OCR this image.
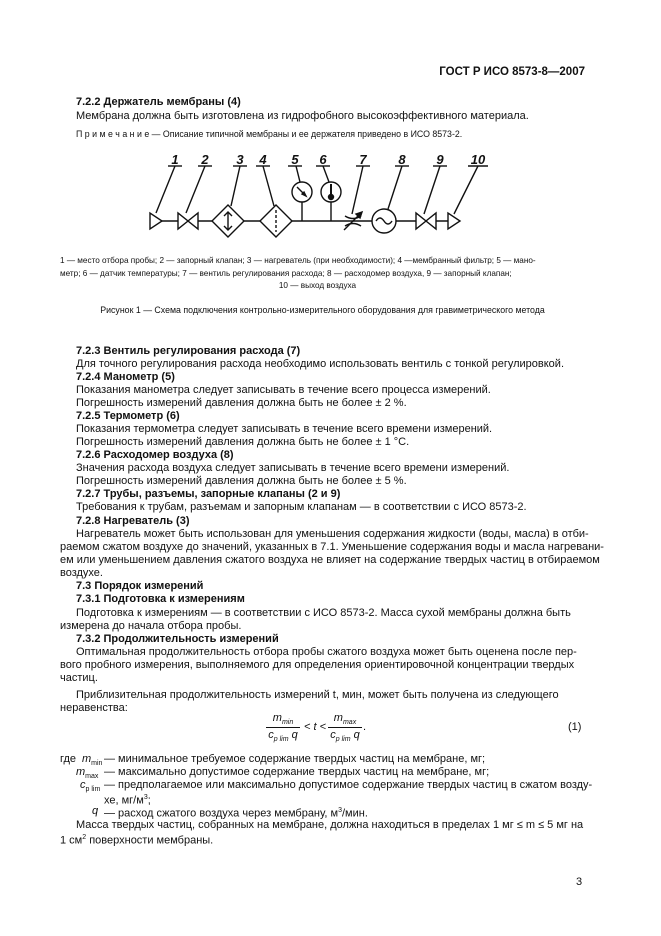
ГОСТ Р ИСО 8573-8—2007
7.2.2 Держатель мембраны (4)
Мембрана должна быть изготовлена из гидрофобного высокоэффективного материала.
П р и м е ч а н и е — Описание типичной мембраны и ее держателя приведено в ИСО 8573-2.
1 2 3 4 5 6	7 8 9 10
1 — место отбора пробы; 2 — запорный клапан; 3 — нагреватель (при необходимости); 4 —мембранный фильтр; 5 — мано-
метр; 6 — датчик температуры; 7 — вентиль регулирования расхода; 8 — расходомер воздуха, 9 — запорный клапан;
10 — выход воздуха
Рисунок 1 — Схема подключения контрольно-измерительного оборудования для гравиметрического метода
7.2.3 Вентиль регулирования расхода (7)
Для точного регулирования расхода необходимо использовать вентиль с тонкой регулировкой.
7.2.4 Манометр (5)
Показания манометра следует записывать в течение всего процесса измерений.
Погрешность измерений давления должна быть не более ± 2 %.
7.2.5 Термометр (6)
Показания термометра следует записывать в течение всего времени измерений.
Погрешность измерений давления должна быть не более ± 1 °С.
7.2.6 Расходомер воздуха (8)
Значения расхода воздуха следует записывать в течение всего времени измерений.
Погрешность измерений давления должна быть не более ± 5 %.
7.2.7 Трубы, разъемы, запорные клапаны (2 и 9)
Требования к трубам, разъемам и запорным клапанам — в соответствии с ИСО 8573-2.
7.2.8 Нагреватель (3)
Нагреватель может быть использован для уменьшения содержания жидкости (воды, масла) в отби-
раемом сжатом воздухе до значений, указанных в 7.1. Уменьшение содержания воды и масла нагревани-
ем или уменьшением давления сжатого воздуха не влияет на содержание твердых частиц в отбираемом
воздухе.
7.3 Порядок измерений
7.3.1 Подготовка к измерениям
Подготовка к измерениям — в соответствии с ИСО 8573-2. Масса сухой мембраны должна быть
измерена до начала отбора пробы.
7.3.2 Продолжительность измерений
Оптимальная продолжительность отбора пробы сжатого воздуха может быть оценена после пер-
вого пробного измерения, выполняемого для определения ориентировочной концентрации твердых
частиц.
Приблизительная продолжительность измерений t, мин, может быть получена из следующего
неравенства:
$m_{min}$
$c_{p lim}$ q
< t <
$m_{max}$
$c_{p lim}$ q
.	(1)
где $m_{min}$ — минимальное требуемое содержание твердых частиц на мембране, мг;
$m_{max}$ — максимально допустимое содержание твердых частиц на мембране, мг;
$c_{p lim}$ — предполагаемое или максимально допустимое содержание твердых частиц в сжатом возду-
хе, $мг/м^3$;
q — расход сжатого воздуха через мембрану, $м^3$/мин.
Масса твердых частиц, собранных на мембране, должна находиться в пределах 1 мг ≤ m ≤ 5 мг на
1 $см^2$ поверхности мембраны.
3
